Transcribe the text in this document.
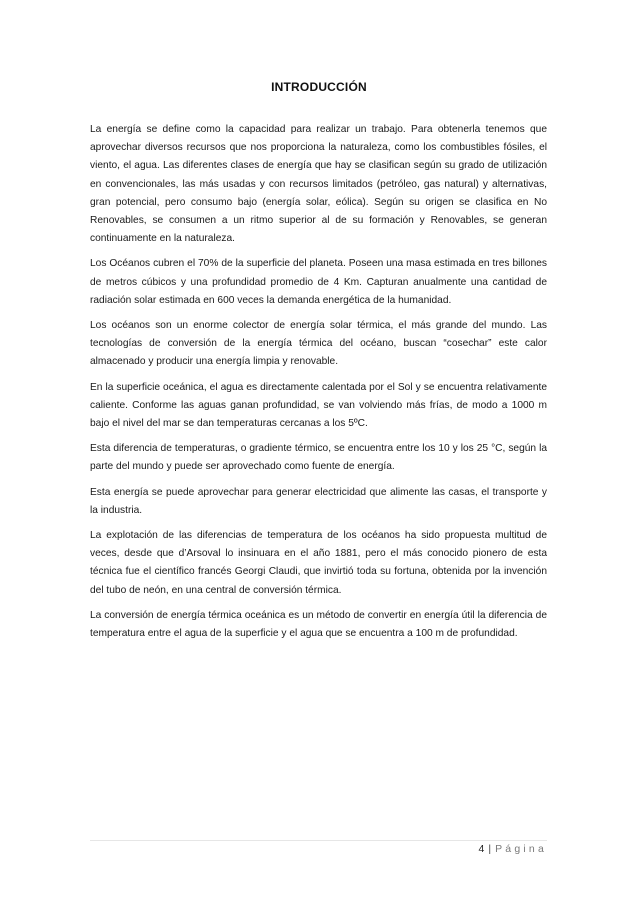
INTRODUCCIÓN

La energía se define como la capacidad para realizar un trabajo. Para obtenerla tenemos que aprovechar diversos recursos que nos proporciona la naturaleza, como los combustibles fósiles, el viento, el agua. Las diferentes clases de energía que hay se clasifican según su grado de utilización en convencionales, las más usadas y con recursos limitados (petróleo, gas natural) y alternativas, gran potencial, pero consumo bajo (energía solar, eólica). Según su origen se clasifica en No Renovables, se consumen a un ritmo superior al de su formación y Renovables, se generan continuamente en la naturaleza.

Los Océanos cubren el 70% de la superficie del planeta. Poseen una masa estimada en tres billones de metros cúbicos y una profundidad promedio de 4 Km. Capturan anualmente una cantidad de radiación solar estimada en 600 veces la demanda energética de la humanidad.

Los océanos son un enorme colector de energía solar térmica, el más grande del mundo. Las tecnologías de conversión de la energía térmica del océano, buscan “cosechar” este calor almacenado y producir una energía limpia y renovable.

En la superficie oceánica, el agua es directamente calentada por el Sol y se encuentra relativamente caliente. Conforme las aguas ganan profundidad, se van volviendo más frías, de modo a 1000 m bajo el nivel del mar se dan temperaturas cercanas a los 5ºC.

Esta diferencia de temperaturas, o gradiente térmico, se encuentra entre los 10 y los 25 °C, según la parte del mundo y puede ser aprovechado como fuente de energía.

Esta energía se puede aprovechar para generar electricidad que alimente las casas, el transporte y la industria.

La explotación de las diferencias de temperatura de los océanos ha sido propuesta multitud de veces, desde que d’Arsoval lo insinuara en el año 1881, pero el más conocido pionero de esta técnica fue el científico francés Georgi Claudi, que invirtió toda su fortuna, obtenida por la invención del tubo de neón, en una central de conversión térmica.

La conversión de energía térmica oceánica es un método de convertir en energía útil la diferencia de temperatura entre el agua de la superficie y el agua que se encuentra a 100 m de profundidad.

4 | Página
